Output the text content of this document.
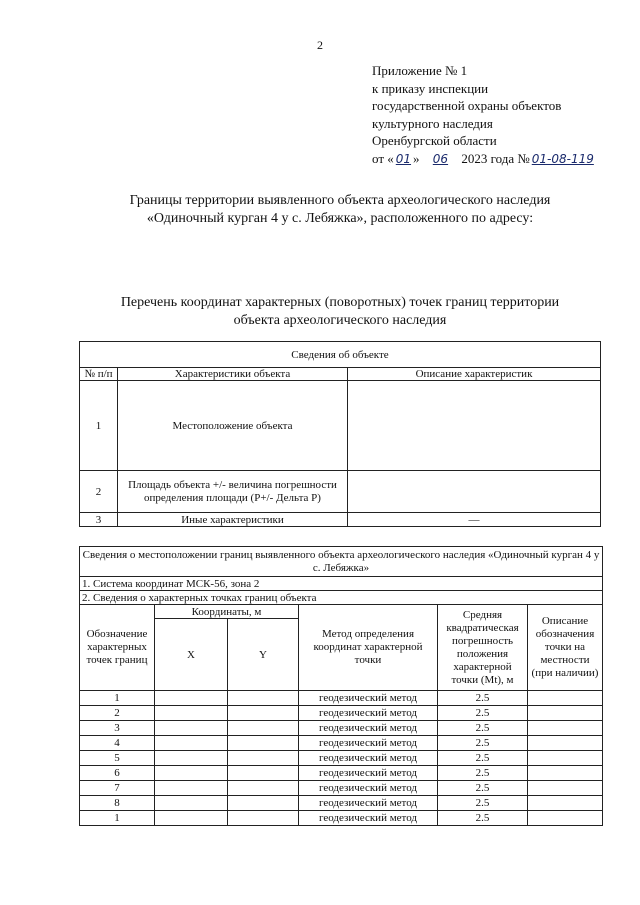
2
Приложение № 1
к приказу инспекции
государственной охраны объектов
культурного наследия
Оренбургской области
от « 01 » 06 2023 года № 01-08-119
Границы территории выявленного объекта археологического наследия
«Одиночный курган 4 у с. Лебяжка», расположенного по адресу:
Перечень координат характерных (поворотных) точек границ территории
объекта археологического наследия
Сведения об объекте		
№ п/п	Характеристики объекта	Описание характеристик
1	Местоположение объекта	
2	Площадь объекта +/- величина погрешности определения площади (P+/- Дельта P)	
3	Иные характеристики	—
Сведения о местоположении границ выявленного объекта археологического наследия «Одиночный курган 4 у с. Лебяжка»					
1. Система координат МСК-56, зона 2					
2. Сведения о характерных точках границ объекта					
Обозначение характерных точек границ	Координаты, м		Метод определения координат характерной точки	Средняя квадратическая погрешность положения характерной точки (Mt), м	Описание обозначения точки на местности (при наличии)
	X	Y			
1			геодезический метод	2.5	
2			геодезический метод	2.5	
3			геодезический метод	2.5	
4			геодезический метод	2.5	
5			геодезический метод	2.5	
6			геодезический метод	2.5	
7			геодезический метод	2.5	
8			геодезический метод	2.5	
1			геодезический метод	2.5	
